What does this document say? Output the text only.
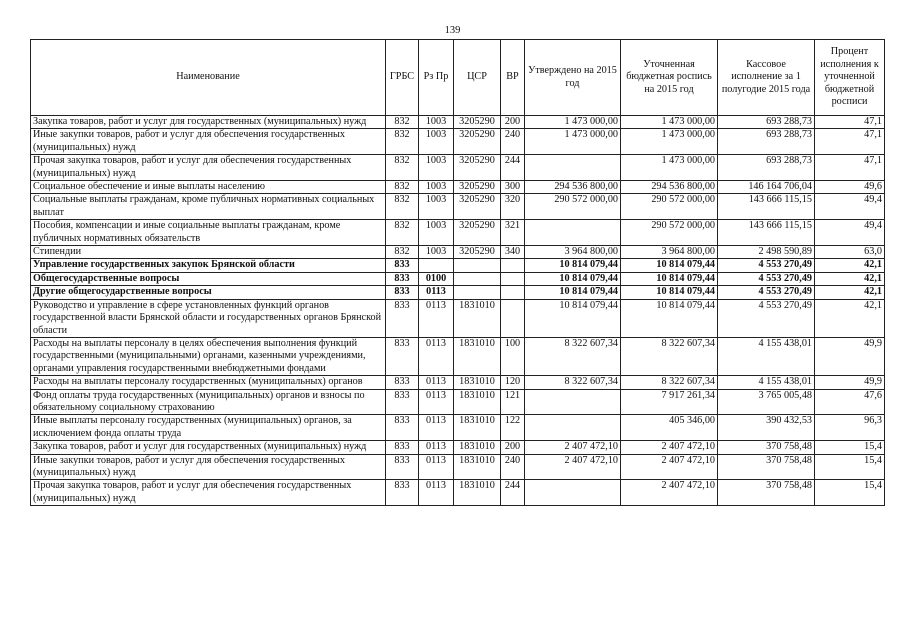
139
Наименование	ГРБС	Рз Пр	ЦСР	ВР	Утверждено на 2015 год	Уточненная бюджетная роспись на 2015 год	Кассовое исполнение за 1 полугодие 2015 года	Процент исполнения к уточненной бюджетной росписи
Закупка товаров, работ и услуг для государственных (муниципальных) нужд	832	1003	3205290	200	1 473 000,00	1 473 000,00	693 288,73	47,1
Иные закупки товаров, работ и услуг для обеспечения государственных (муниципальных) нужд	832	1003	3205290	240	1 473 000,00	1 473 000,00	693 288,73	47,1
Прочая закупка товаров, работ и услуг для обеспечения государственных (муниципальных) нужд	832	1003	3205290	244		1 473 000,00	693 288,73	47,1
Социальное обеспечение и иные выплаты населению	832	1003	3205290	300	294 536 800,00	294 536 800,00	146 164 706,04	49,6
Социальные выплаты гражданам, кроме публичных нормативных социальных выплат	832	1003	3205290	320	290 572 000,00	290 572 000,00	143 666 115,15	49,4
Пособия, компенсации и иные социальные выплаты гражданам, кроме публичных нормативных обязательств	832	1003	3205290	321		290 572 000,00	143 666 115,15	49,4
Стипендии	832	1003	3205290	340	3 964 800,00	3 964 800,00	2 498 590,89	63,0
Управление государственных закупок Брянской области	833				10 814 079,44	10 814 079,44	4 553 270,49	42,1
Общегосударственные вопросы	833	0100			10 814 079,44	10 814 079,44	4 553 270,49	42,1
Другие общегосударственные вопросы	833	0113			10 814 079,44	10 814 079,44	4 553 270,49	42,1
Руководство и управление в сфере установленных функций органов государственной власти Брянской области и государственных органов Брянской области	833	0113	1831010		10 814 079,44	10 814 079,44	4 553 270,49	42,1
Расходы на выплаты персоналу в целях обеспечения выполнения функций государственными (муниципальными) органами, казенными учреждениями, органами управления государственными внебюджетными фондами	833	0113	1831010	100	8 322 607,34	8 322 607,34	4 155 438,01	49,9
Расходы на выплаты персоналу государственных (муниципальных) органов	833	0113	1831010	120	8 322 607,34	8 322 607,34	4 155 438,01	49,9
Фонд оплаты труда государственных (муниципальных) органов и взносы по обязательному социальному страхованию	833	0113	1831010	121		7 917 261,34	3 765 005,48	47,6
Иные выплаты персоналу государственных (муниципальных) органов, за исключением фонда оплаты труда	833	0113	1831010	122		405 346,00	390 432,53	96,3
Закупка товаров, работ и услуг для государственных (муниципальных) нужд	833	0113	1831010	200	2 407 472,10	2 407 472,10	370 758,48	15,4
Иные закупки товаров, работ и услуг для обеспечения государственных (муниципальных) нужд	833	0113	1831010	240	2 407 472,10	2 407 472,10	370 758,48	15,4
Прочая закупка товаров, работ и услуг для обеспечения государственных (муниципальных) нужд	833	0113	1831010	244		2 407 472,10	370 758,48	15,4
